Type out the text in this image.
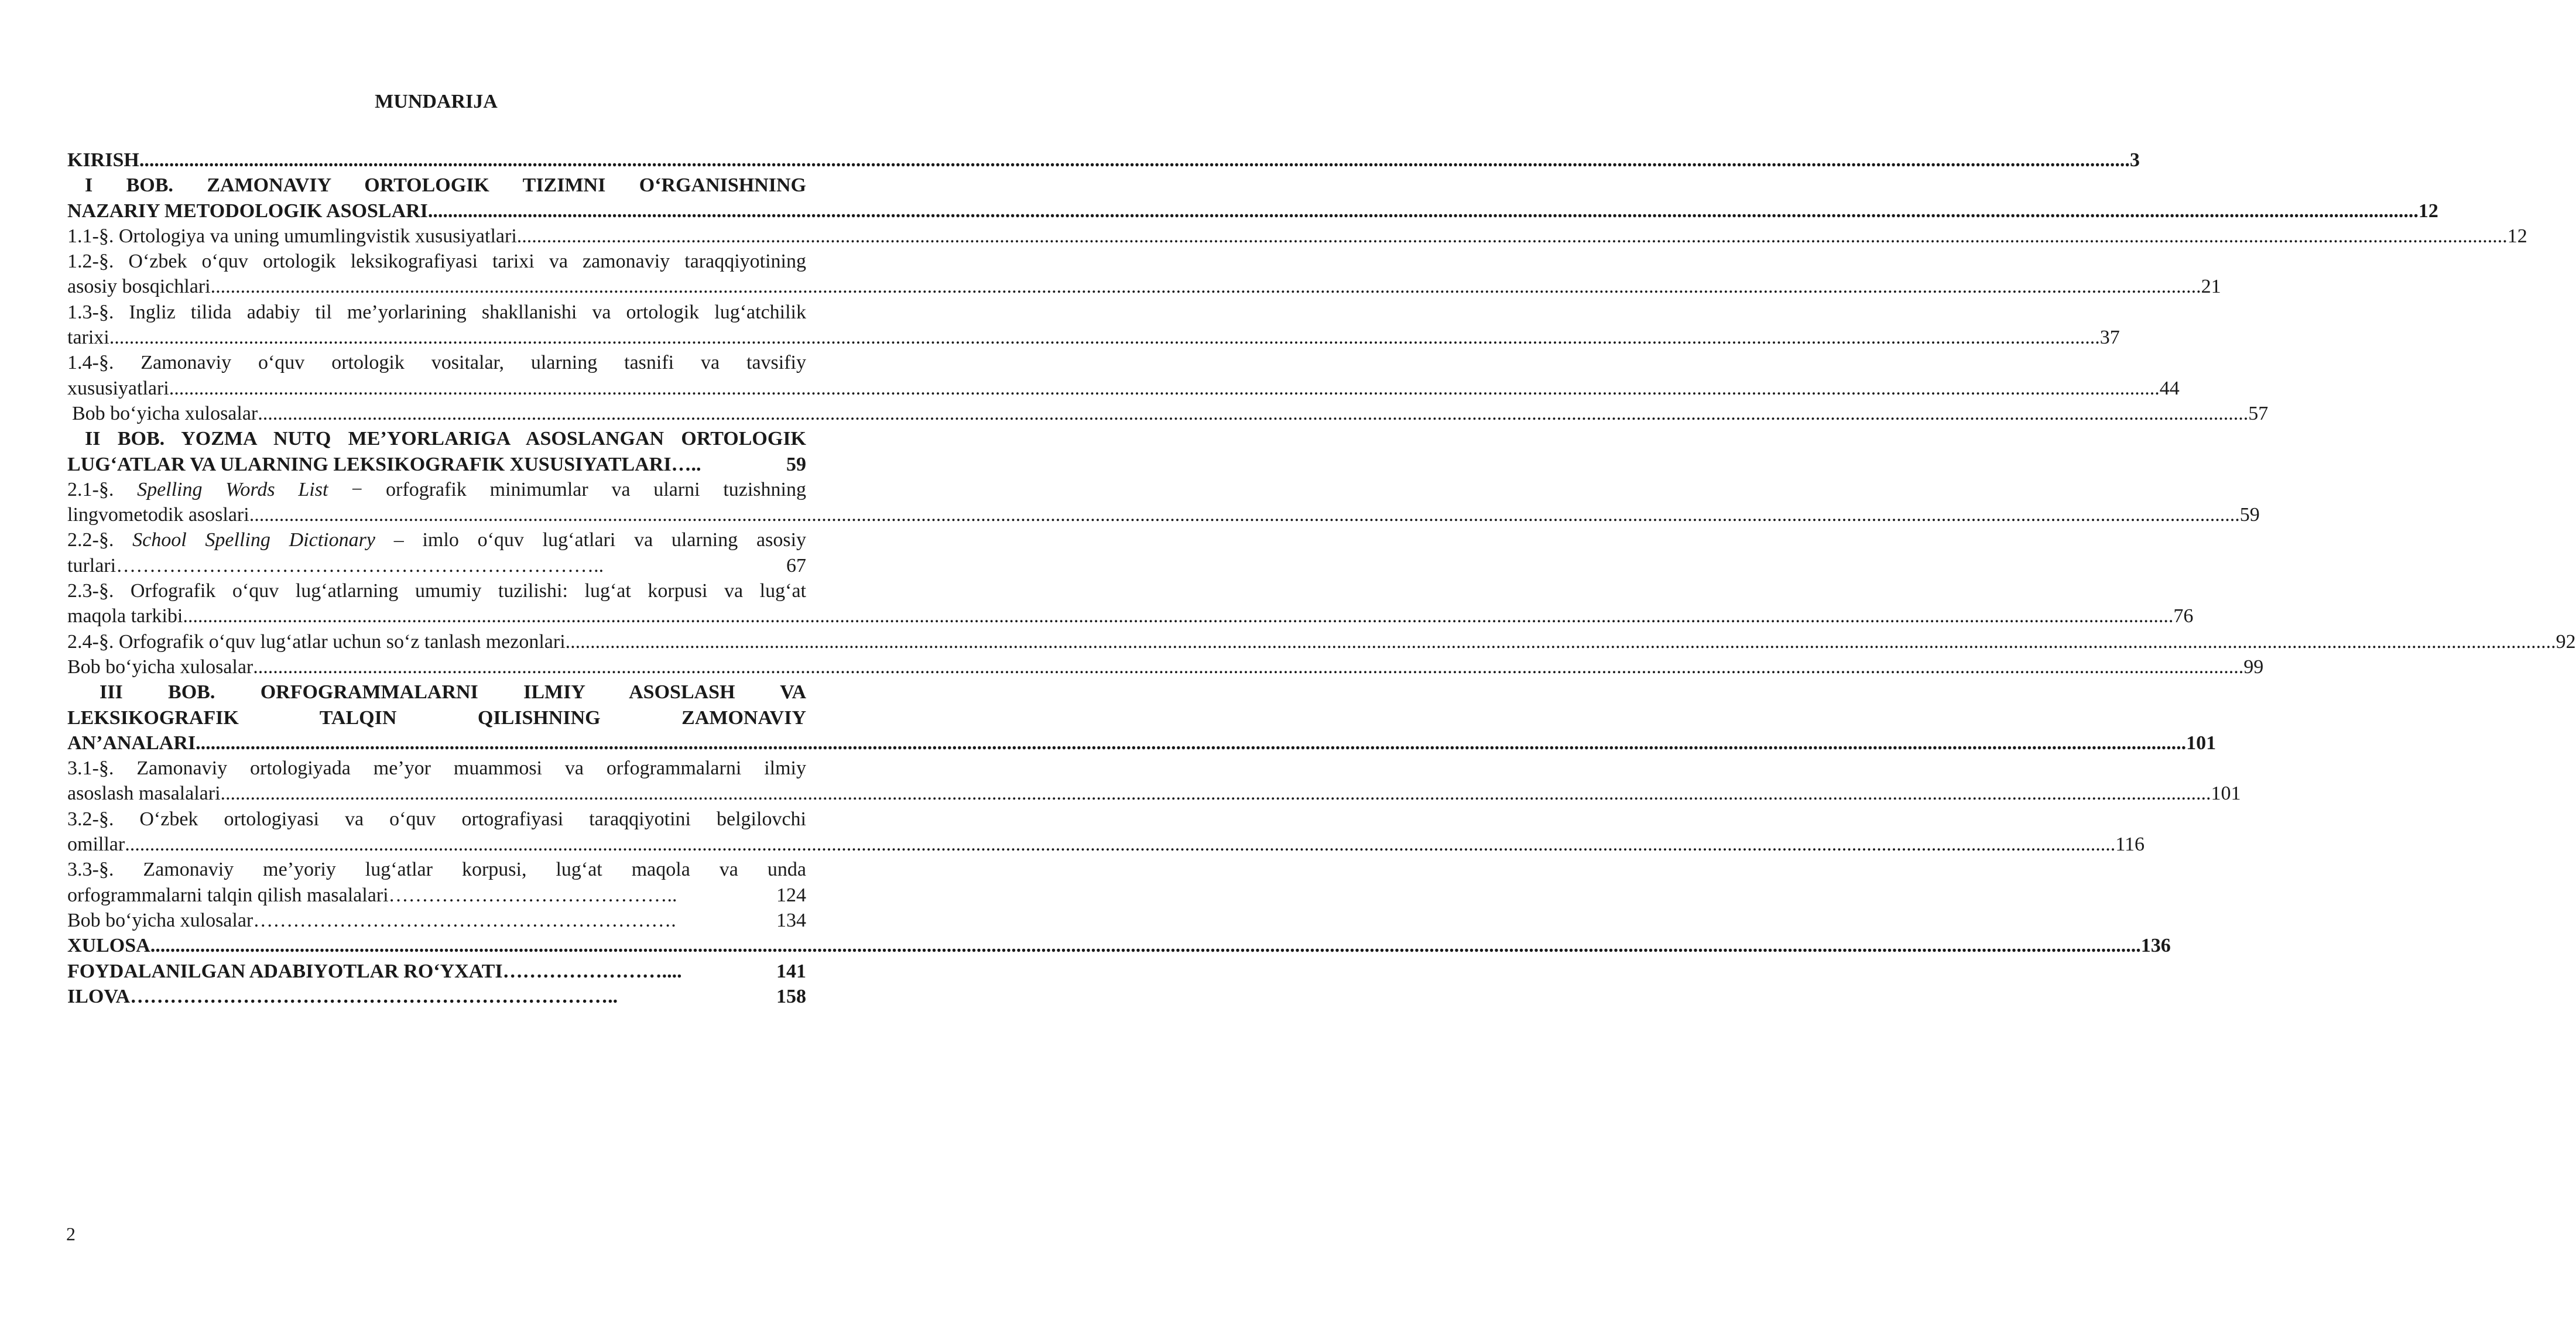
MUNDARIJA
KIRISH ................................................................................................................................................................................................................................................................................................................................................................................................................ 3
I BOB. ZAMONAVIY ORTOLOGIK TIZIMNI O‘RGANISHNING
NAZARIY METODOLOGIK ASOSLARI ................................................................................................................................................................................................................................................................................................................................................................................................................ 12
1.1-§. Ortologiya va uning umumlingvistik xususiyatlari ................................................................................................................................................................................................................................................................................................................................................................................................................ 12
1.2-§. O‘zbek o‘quv ortologik leksikografiyasi tarixi va zamonaviy taraqqiyotining
asosiy bosqichlari ................................................................................................................................................................................................................................................................................................................................................................................................................ 21
1.3-§. Ingliz tilida adabiy til me’yorlarining shakllanishi va ortologik lug‘atchilik
tarixi ................................................................................................................................................................................................................................................................................................................................................................................................................ 37
1.4-§. Zamonaviy o‘quv ortologik vositalar, ularning tasnifi va tavsifiy
xususiyatlari ................................................................................................................................................................................................................................................................................................................................................................................................................ 44
Bob bo‘yicha xulosalar ................................................................................................................................................................................................................................................................................................................................................................................................................ 57
II BOB. YOZMA NUTQ ME’YORLARIGA ASOSLANGAN ORTOLOGIK
LUG‘ATLAR VA ULARNING LEKSIKOGRAFIK XUSUSIYATLARI…..	59
2.1-§. Spelling Words List − orfografik minimumlar va ularni tuzishning
lingvometodik asoslari ................................................................................................................................................................................................................................................................................................................................................................................................................ 59
2.2-§. School Spelling Dictionary – imlo o‘quv lug‘atlari va ularning asosiy
turlari………………………………………………………………..	67
2.3-§. Orfografik o‘quv lug‘atlarning umumiy tuzilishi: lug‘at korpusi va lug‘at
maqola tarkibi ................................................................................................................................................................................................................................................................................................................................................................................................................ 76
2.4-§. Orfografik o‘quv lug‘atlar uchun so‘z tanlash mezonlari ................................................................................................................................................................................................................................................................................................................................................................................................................ 92
Bob bo‘yicha xulosalar ................................................................................................................................................................................................................................................................................................................................................................................................................ 99
III BOB. ORFOGRAMMALARNI ILMIY ASOSLASH VA
LEKSIKOGRAFIK TALQIN QILISHNING ZAMONAVIY
AN’ANALARI ................................................................................................................................................................................................................................................................................................................................................................................................................ 101
3.1-§. Zamonaviy ortologiyada me’yor muammosi va orfogrammalarni ilmiy
asoslash masalalari ................................................................................................................................................................................................................................................................................................................................................................................................................ 101
3.2-§. O‘zbek ortologiyasi va o‘quv ortografiyasi taraqqiyotini belgilovchi
omillar ................................................................................................................................................................................................................................................................................................................................................................................................................ 116
3.3-§. Zamonaviy me’yoriy lug‘atlar korpusi, lug‘at maqola va unda
orfogrammalarni talqin qilish masalalari……………………………………..	124
Bob bo‘yicha xulosalar……………………………………………………….	134
XULOSA ................................................................................................................................................................................................................................................................................................................................................................................................................ 136
FOYDALANILGAN ADABIYOTLAR RO‘YXATI……………………....	141
ILOVA………………………………………………………………..	158
2
